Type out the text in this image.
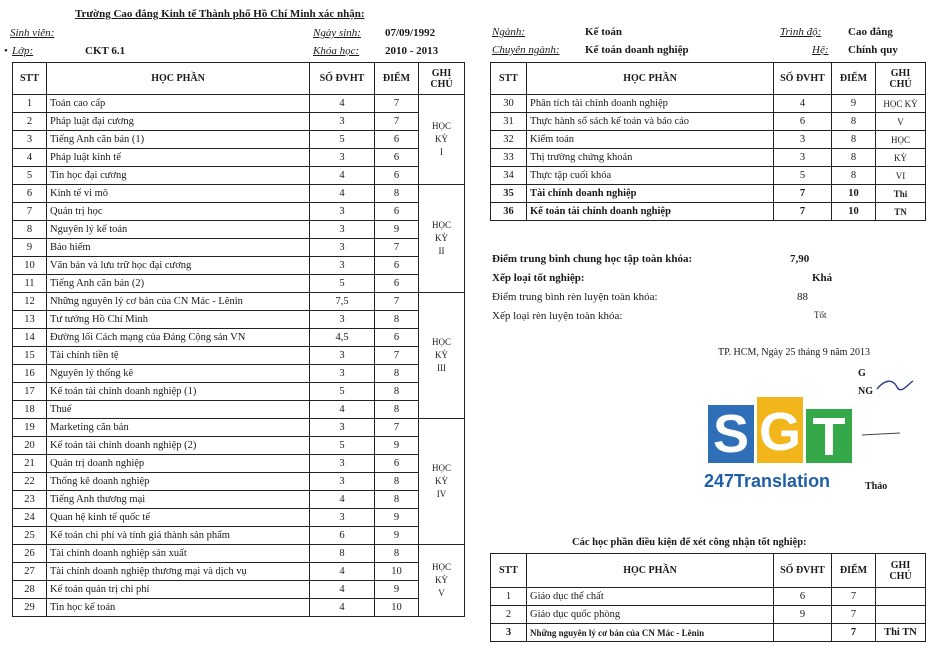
Trường Cao đẳng Kinh tế Thành phố Hồ Chí Minh xác nhận:
Sinh viên:	Ngày sinh: 07/09/1992
• Lớp:	CKT 6.1	Khóa học: 2010 - 2013
Ngành:	Kế toán	Trình độ: Cao đẳng
Chuyên ngành: Kế toán doanh nghiệp	Hệ: Chính quy
STT	HỌC PHẦN	SỐ ĐVHT	ĐIỂM	GHI CHÚ
1	Toán cao cấp	4	7	HỌC
KỲ
I

2	Pháp luật đại cương	3	7	
3	Tiếng Anh căn bản (1)	5	6	
4	Pháp luật kinh tế	3	6	
5	Tin học đại cương	4	6	
6	Kinh tế vi mô	4	8	HỌC
KỲ
II

7	Quản trị học	3	6	
8	Nguyên lý kế toán	3	9	
9	Bảo hiểm	3	7	
10	Văn bản và lưu trữ học đại cương	3	6	
11	Tiếng Anh căn bản (2)	5	6	
12	Những nguyên lý cơ bản của CN Mác - Lênin	7,5	7	HỌC
KỲ
III

13	Tư tưởng Hồ Chí Minh	3	8	
14	Đường lối Cách mạng của Đảng Cộng sản VN	4,5	6	
15	Tài chính tiền tệ	3	7	
16	Nguyên lý thống kê	3	8	
17	Kế toán tài chính doanh nghiệp (1)	5	8	
18	Thuế	4	8	
19	Marketing căn bản	3	7	HỌC
KỲ
IV

20	Kế toán tài chính doanh nghiệp (2)	5	9	
21	Quản trị doanh nghiệp	3	6	
22	Thống kê doanh nghiệp	3	8	
23	Tiếng Anh thương mại	4	8	
24	Quan hệ kinh tế quốc tế	3	9	
25	Kế toán chi phí và tính giá thành sản phẩm	6	9	
26	Tài chính doanh nghiệp sản xuất	8	8	HỌC
KỲ
V

27	Tài chính doanh nghiệp thương mại và dịch vụ	4	10	
28	Kế toán quản trị chi phí	4	9	
29	Tin học kế toán	4	10	
STT	HỌC PHẦN	SỐ ĐVHT	ĐIỂM	GHI CHÚ
30	Phân tích tài chính doanh nghiệp	4	9	HỌC KỲ
31	Thực hành sổ sách kế toán và báo cáo	6	8	V
32	Kiểm toán	3	8	HỌC
33	Thị trường chứng khoán	3	8	KỲ
34	Thực tập cuối khóa	5	8	VI
35	Tài chính doanh nghiệp	7	10	Thi
36	Kế toán tài chính doanh nghiệp	7	10	TN
Điểm trung bình chung học tập toàn khóa:	7,90
Xếp loại tốt nghiệp:	Khá
Điểm trung bình rèn luyện toàn khóa:	88
Xếp loại rèn luyện toàn khóa:	Tốt
TP. HCM, Ngày 25 tháng 9 năm 2013
G
NG
Thảo
S G T
247Translation
Các học phần điều kiện để xét công nhận tốt nghiệp:
STT	HỌC PHẦN	SỐ ĐVHT	ĐIỂM	GHI CHÚ
1	Giáo dục thể chất	6	7	
2	Giáo dục quốc phòng	9	7	
3	Những nguyên lý cơ bản của CN Mác - Lênin		7	Thi TN
